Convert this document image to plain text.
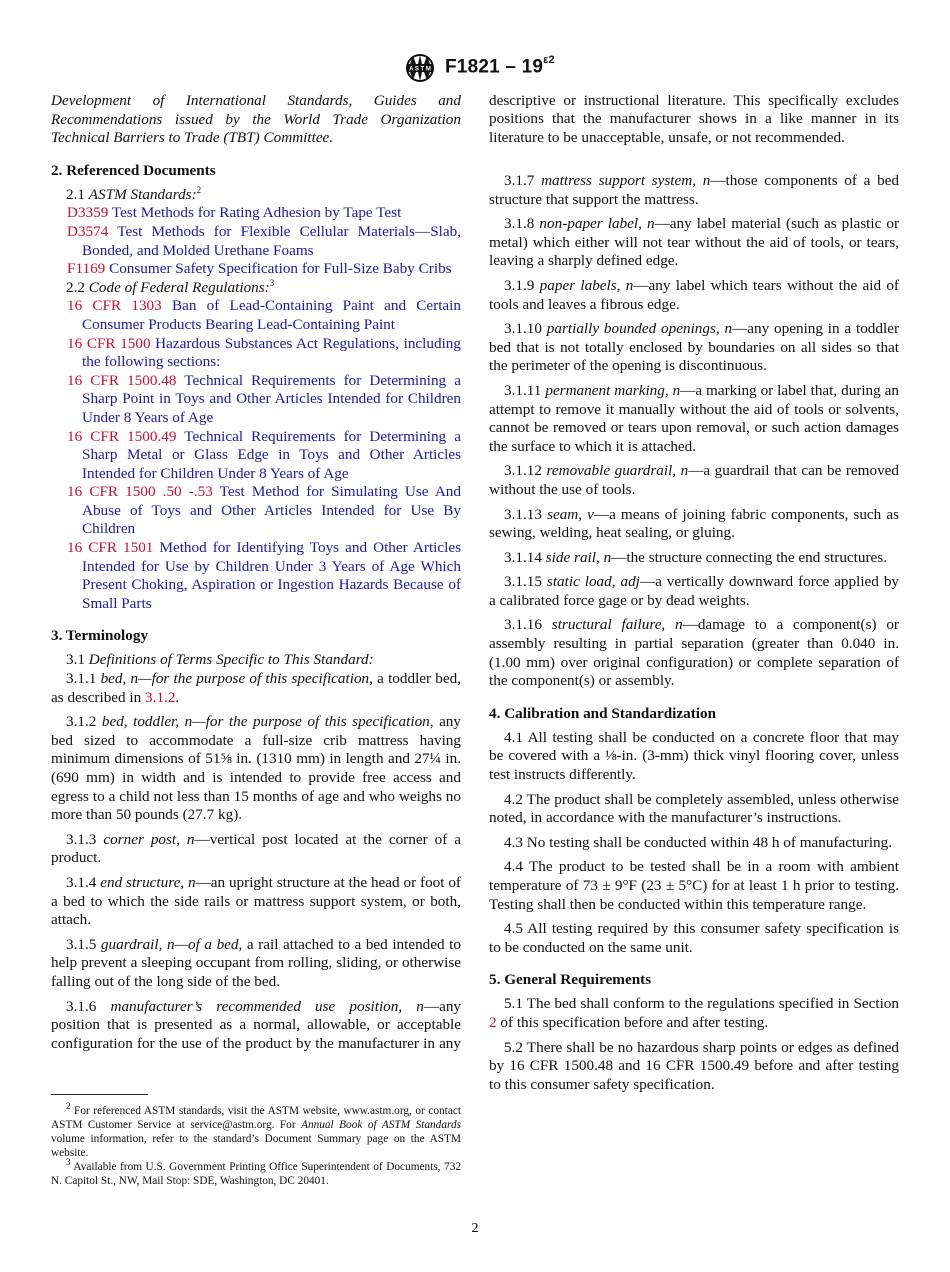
A S T M $F1821 - 19^{\varepsilon 2}$

Development of International Standards, Guides and Recommendations issued by the World Trade Organization Technical Barriers to Trade (TBT) Committee.

2. Referenced Documents

2.1 ASTM Standards:$^2$

D3359 Test Methods for Rating Adhesion by Tape Test

D3574 Test Methods for Flexible Cellular Materials—Slab, Bonded, and Molded Urethane Foams

F1169 Consumer Safety Specification for Full-Size Baby Cribs

2.2 Code of Federal Regulations:$^3$

16 CFR 1303 Ban of Lead-Containing Paint and Certain Consumer Products Bearing Lead-Containing Paint

16 CFR 1500 Hazardous Substances Act Regulations, including the following sections:

16 CFR 1500.48 Technical Requirements for Determining a Sharp Point in Toys and Other Articles Intended for Children Under 8 Years of Age

16 CFR 1500.49 Technical Requirements for Determining a Sharp Metal or Glass Edge in Toys and Other Articles Intended for Children Under 8 Years of Age

16 CFR 1500 .50 -.53 Test Method for Simulating Use And Abuse of Toys and Other Articles Intended for Use By Children

16 CFR 1501 Method for Identifying Toys and Other Articles Intended for Use by Children Under 3 Years of Age Which Present Choking, Aspiration or Ingestion Hazards Because of Small Parts

3. Terminology

3.1 Definitions of Terms Specific to This Standard:

3.1.1 bed, n—for the purpose of this specification, a toddler bed, as described in 3.1.2.

3.1.2 bed, toddler, n—for the purpose of this specification, any bed sized to accommodate a full-size crib mattress having minimum dimensions of 51⅝ in. (1310 mm) in length and 27¼ in. (690 mm) in width and is intended to provide free access and egress to a child not less than 15 months of age and who weighs no more than 50 pounds (27.7 kg).

3.1.3 corner post, n—vertical post located at the corner of a product.

3.1.4 end structure, n—an upright structure at the head or foot of a bed to which the side rails or mattress support system, or both, attach.

3.1.5 guardrail, n—of a bed, a rail attached to a bed intended to help prevent a sleeping occupant from rolling, sliding, or otherwise falling out of the long side of the bed.

3.1.6 manufacturer’s recommended use position, n—any position that is presented as a normal, allowable, or acceptable configuration for the use of the product by the manufacturer in any

$^2$ For referenced ASTM standards, visit the ASTM website, www.astm.org, or contact ASTM Customer Service at service@astm.org. For Annual Book of ASTM Standards volume information, refer to the standard’s Document Summary page on the ASTM website.

$^3$ Available from U.S. Government Printing Office Superintendent of Documents, 732 N. Capitol St., NW, Mail Stop: SDE, Washington, DC 20401.

descriptive or instructional literature. This specifically excludes positions that the manufacturer shows in a like manner in its literature to be unacceptable, unsafe, or not recommended.

3.1.7 mattress support system, n—those components of a bed structure that support the mattress.

3.1.8 non-paper label, n—any label material (such as plastic or metal) which either will not tear without the aid of tools, or tears, leaving a sharply defined edge.

3.1.9 paper labels, n—any label which tears without the aid of tools and leaves a fibrous edge.

3.1.10 partially bounded openings, n—any opening in a toddler bed that is not totally enclosed by boundaries on all sides so that the perimeter of the opening is discontinuous.

3.1.11 permanent marking, n—a marking or label that, during an attempt to remove it manually without the aid of tools or solvents, cannot be removed or tears upon removal, or such action damages the surface to which it is attached.

3.1.12 removable guardrail, n—a guardrail that can be removed without the use of tools.

3.1.13 seam, v—a means of joining fabric components, such as sewing, welding, heat sealing, or gluing.

3.1.14 side rail, n—the structure connecting the end structures.

3.1.15 static load, adj—a vertically downward force applied by a calibrated force gage or by dead weights.

3.1.16 structural failure, n—damage to a component(s) or assembly resulting in partial separation (greater than 0.040 in. (1.00 mm) over original configuration) or complete separation of the component(s) or assembly.

4. Calibration and Standardization

4.1 All testing shall be conducted on a concrete floor that may be covered with a ⅛-in. (3-mm) thick vinyl flooring cover, unless test instructs differently.

4.2 The product shall be completely assembled, unless otherwise noted, in accordance with the manufacturer’s instructions.

4.3 No testing shall be conducted within 48 h of manufacturing.

4.4 The product to be tested shall be in a room with ambient temperature of 73 ± 9°F (23 ± 5°C) for at least 1 h prior to testing. Testing shall then be conducted within this temperature range.

4.5 All testing required by this consumer safety specification is to be conducted on the same unit.

5. General Requirements

5.1 The bed shall conform to the regulations specified in Section 2 of this specification before and after testing.

5.2 There shall be no hazardous sharp points or edges as defined by 16 CFR 1500.48 and 16 CFR 1500.49 before and after testing to this consumer safety specification.

2
